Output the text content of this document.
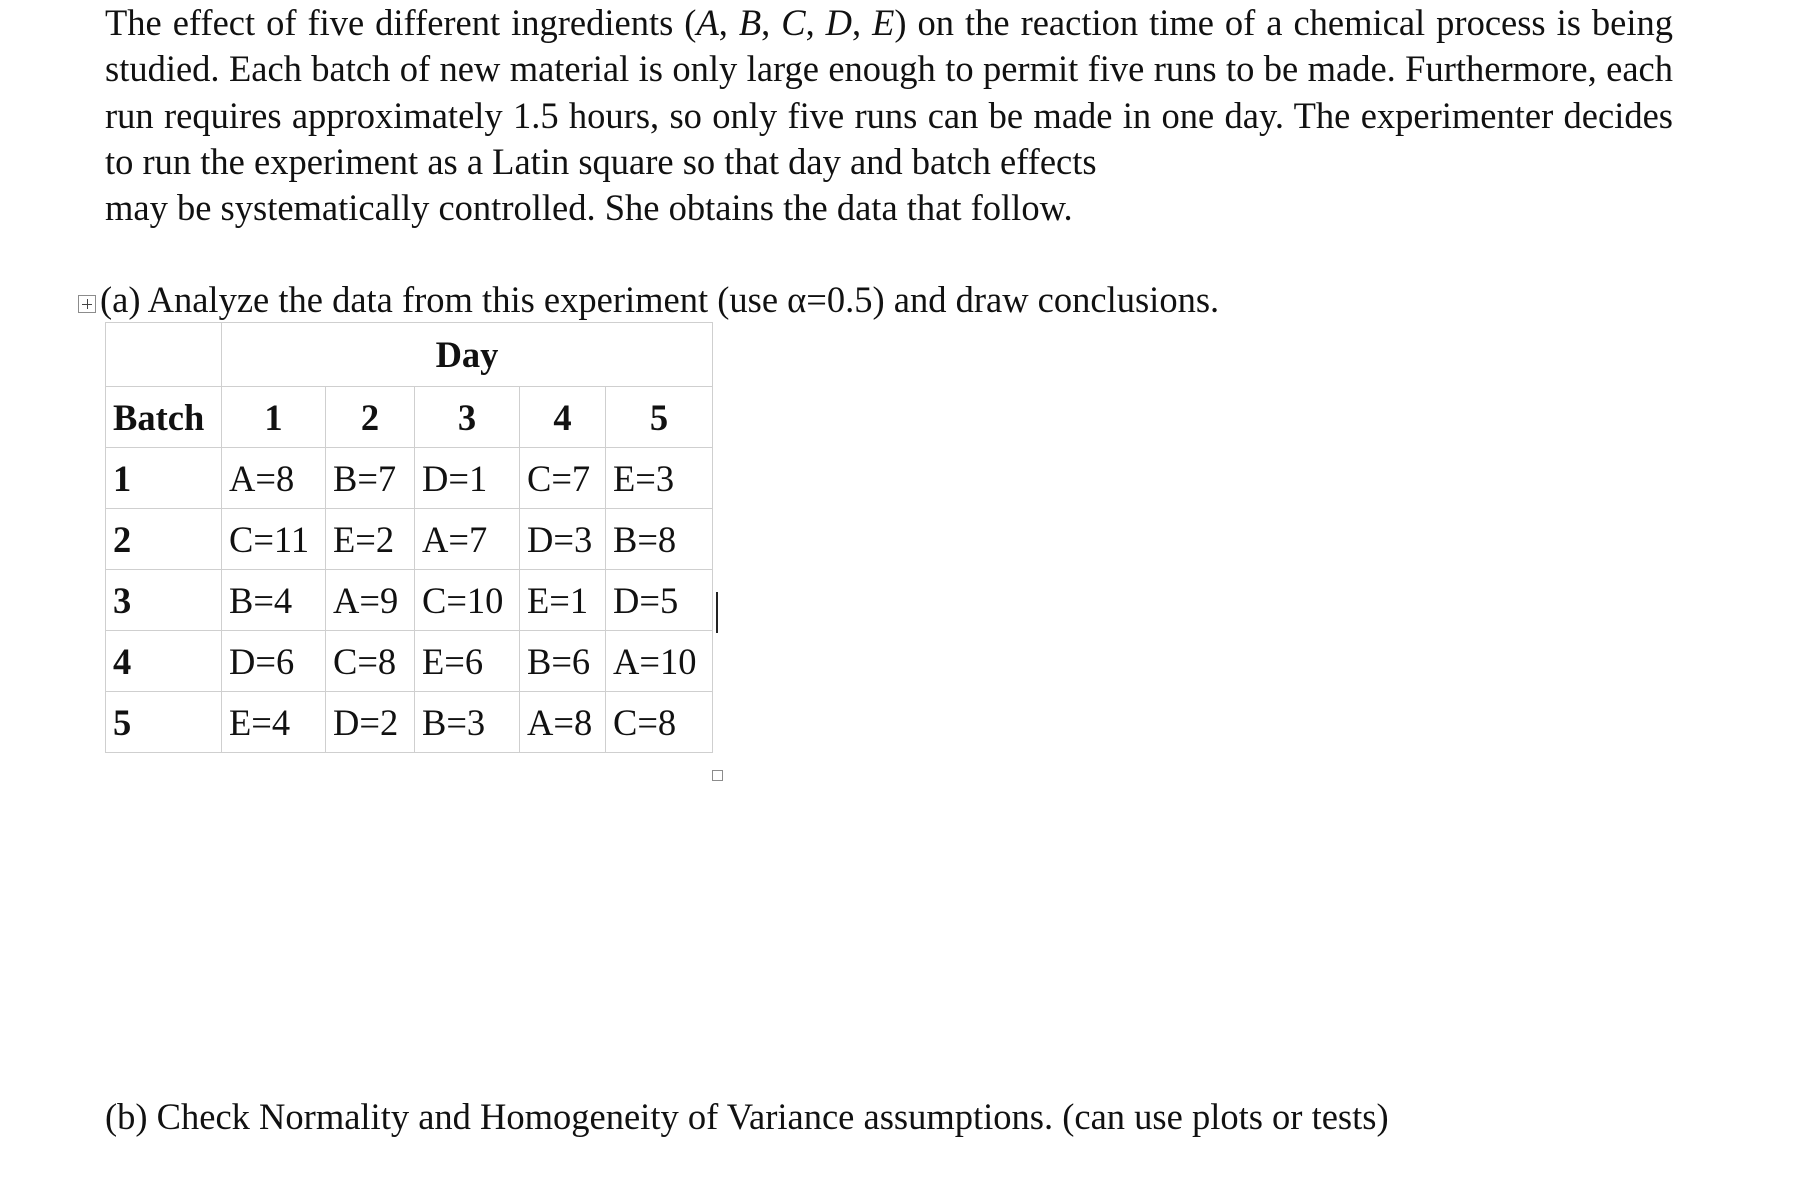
The effect of five different ingredients (A, B, C, D, E) on the reaction time of a chemical process is being studied. Each batch of new material is only large enough to permit five runs to be made. Furthermore, each run requires approximately 1.5 hours, so only five runs can be made in one day. The experimenter decides to run the experiment as a Latin square so that day and batch effects
may be systematically controlled. She obtains the data that follow.

(a) Analyze the data from this experiment (use α=0.5) and draw conclusions.
	Day				
Batch	1	2	3	4	5
1	A=8	B=7	D=1	C=7	E=3
2	C=11	E=2	A=7	D=3	B=8
3	B=4	A=9	C=10	E=1	D=5
4	D=6	C=8	E=6	B=6	A=10
5	E=4	D=2	B=3	A=8	C=8

(b) Check Normality and Homogeneity of Variance assumptions. (can use plots or tests)
